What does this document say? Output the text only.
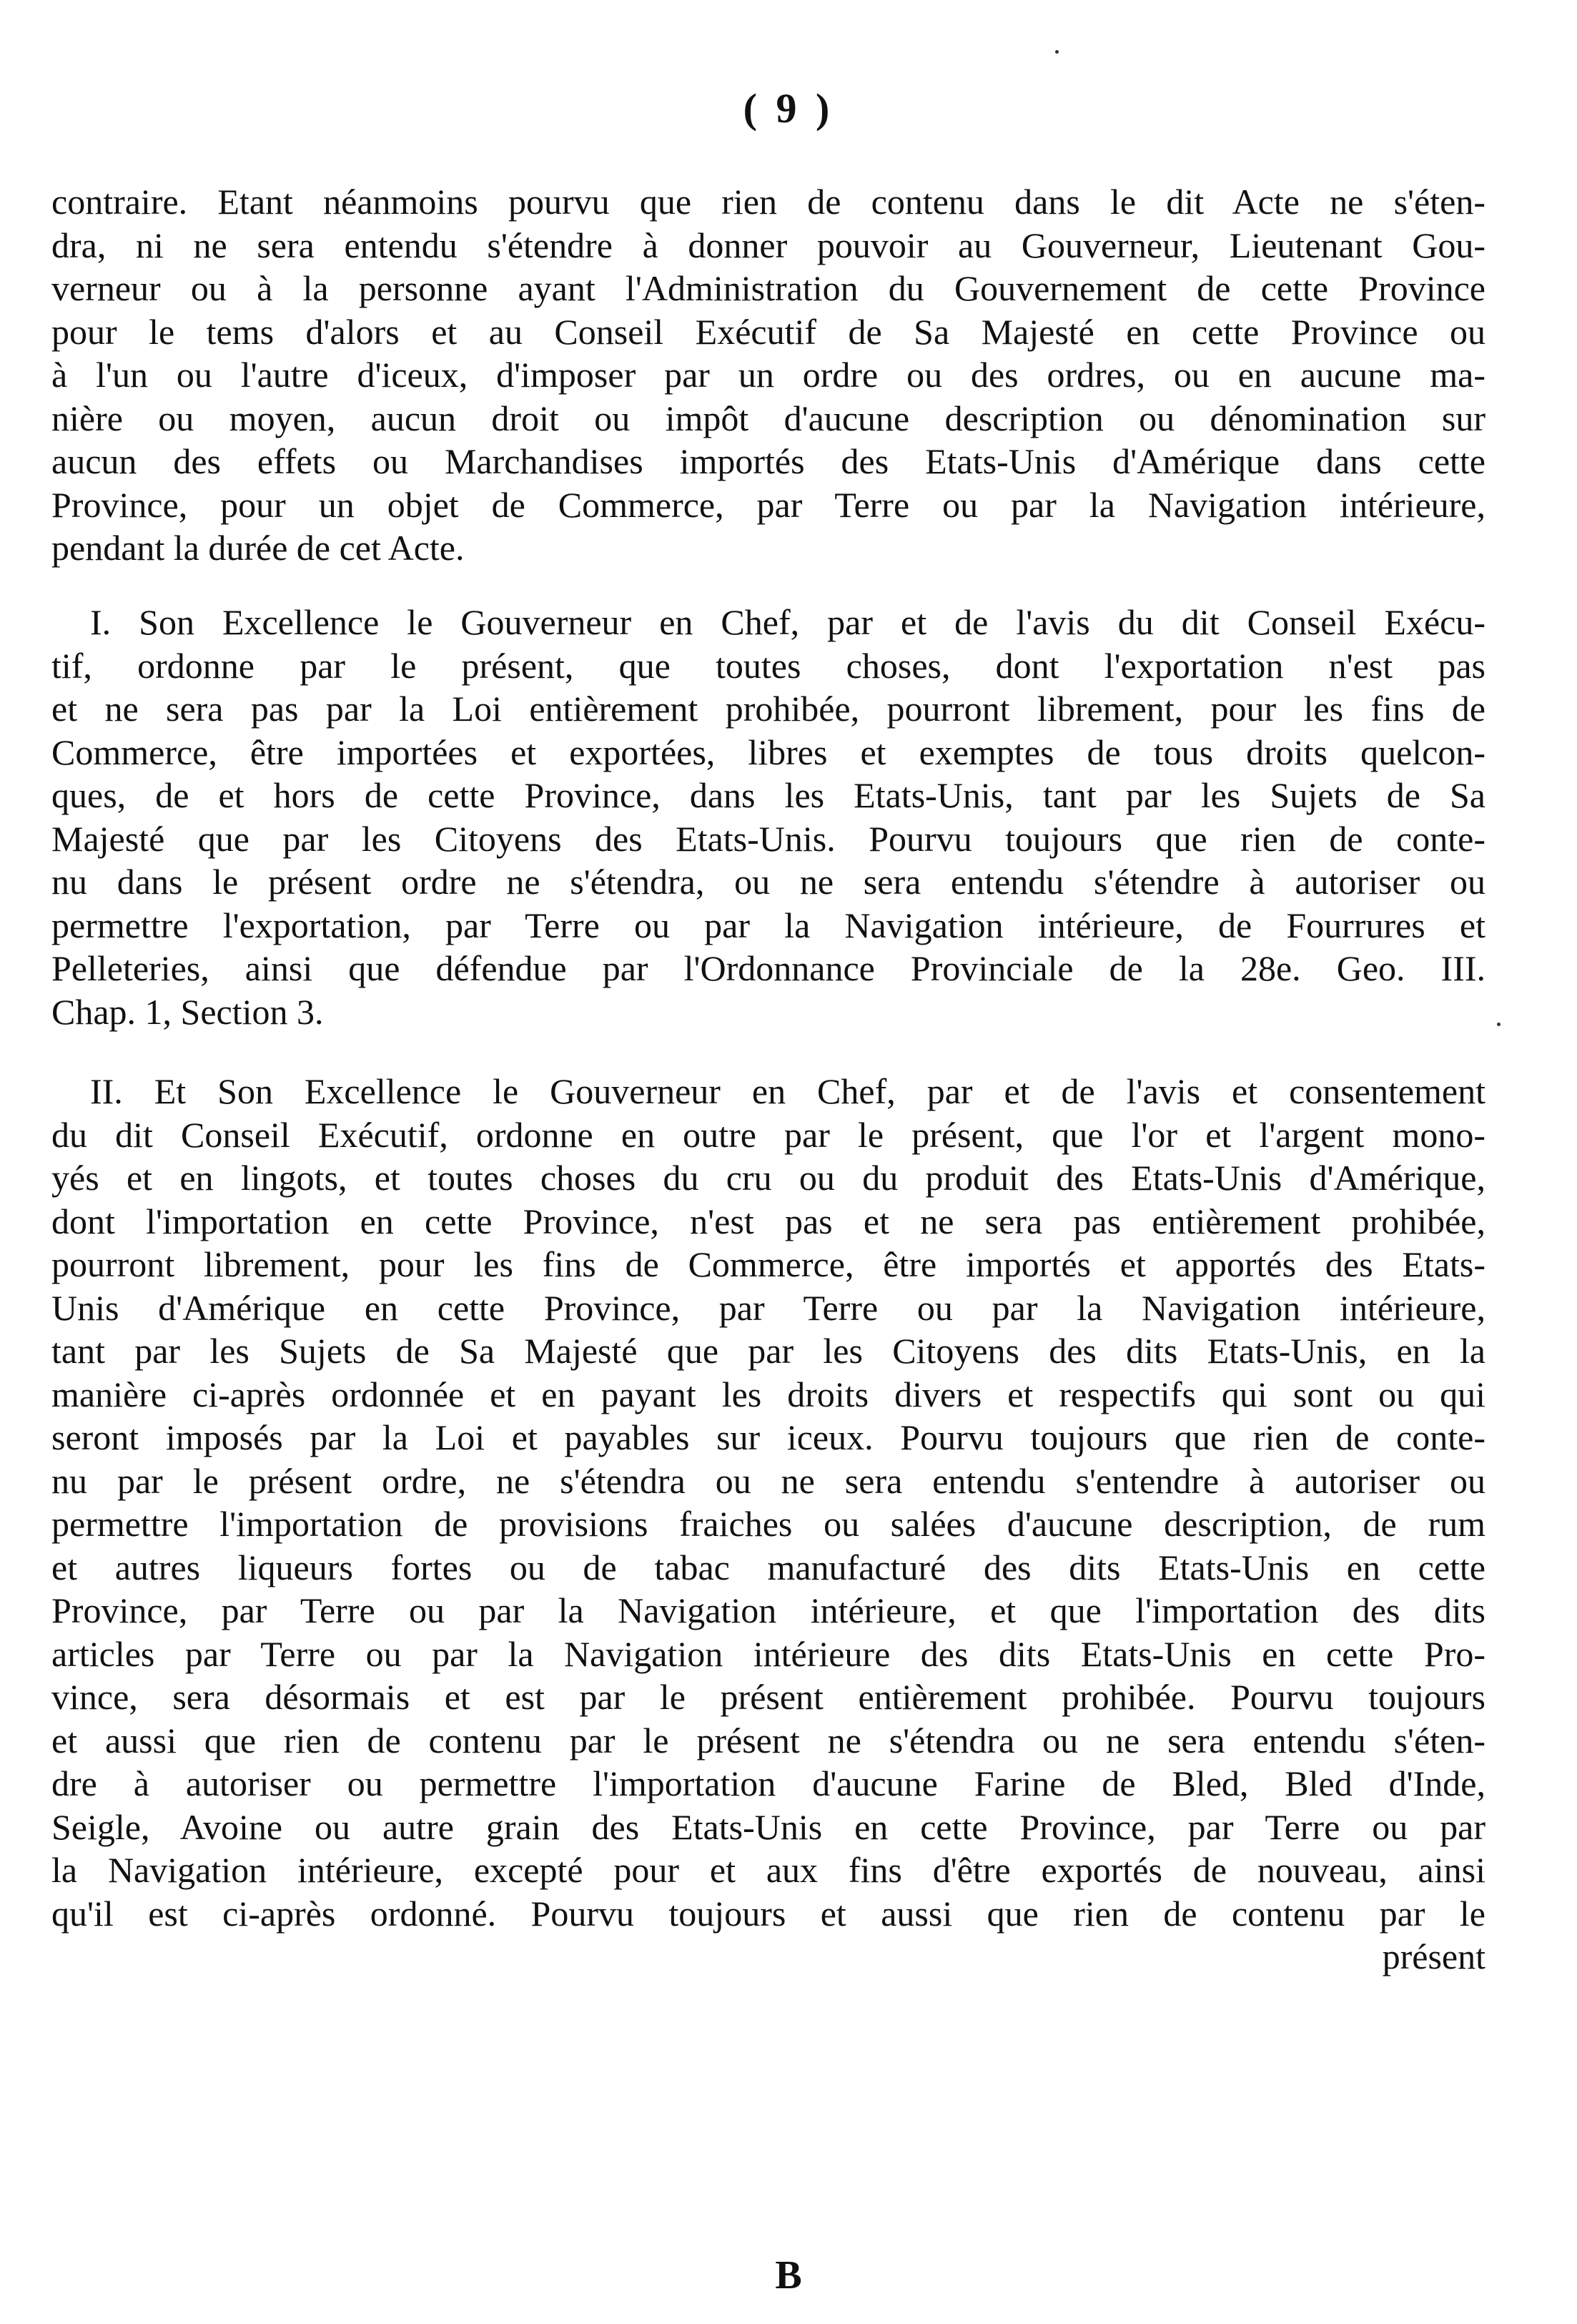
( 9 )
contraire. Etant néanmoins pourvu que rien de contenu dans le dit Acte ne s'éten-
dra, ni ne sera entendu s'étendre à donner pouvoir au Gouverneur, Lieutenant Gou-
verneur ou à la personne ayant l'Administration du Gouvernement de cette Province
pour le tems d'alors et au Conseil Exécutif de Sa Majesté en cette Province ou
à l'un ou l'autre d'iceux, d'imposer par un ordre ou des ordres, ou en aucune ma-
nière ou moyen, aucun droit ou impôt d'aucune description ou dénomination sur
aucun des effets ou Marchandises importés des Etats-Unis d'Amérique dans cette
Province, pour un objet de Commerce, par Terre ou par la Navigation intérieure,
pendant la durée de cet Acte.
I. Son Excellence le Gouverneur en Chef, par et de l'avis du dit Conseil Exécu-
tif, ordonne par le présent, que toutes choses, dont l'exportation n'est pas
et ne sera pas par la Loi entièrement prohibée, pourront librement, pour les fins de
Commerce, être importées et exportées, libres et exemptes de tous droits quelcon-
ques, de et hors de cette Province, dans les Etats-Unis, tant par les Sujets de Sa
Majesté que par les Citoyens des Etats-Unis. Pourvu toujours que rien de conte-
nu dans le présent ordre ne s'étendra, ou ne sera entendu s'étendre à autoriser ou
permettre l'exportation, par Terre ou par la Navigation intérieure, de Fourrures et
Pelleteries, ainsi que défendue par l'Ordonnance Provinciale de la 28e. Geo. III.
Chap. 1, Section 3.
II. Et Son Excellence le Gouverneur en Chef, par et de l'avis et consentement
du dit Conseil Exécutif, ordonne en outre par le présent, que l'or et l'argent mono-
yés et en lingots, et toutes choses du cru ou du produit des Etats-Unis d'Amérique,
dont l'importation en cette Province, n'est pas et ne sera pas entièrement prohibée,
pourront librement, pour les fins de Commerce, être importés et apportés des Etats-
Unis d'Amérique en cette Province, par Terre ou par la Navigation intérieure,
tant par les Sujets de Sa Majesté que par les Citoyens des dits Etats-Unis, en la
manière ci-après ordonnée et en payant les droits divers et respectifs qui sont ou qui
seront imposés par la Loi et payables sur iceux. Pourvu toujours que rien de conte-
nu par le présent ordre, ne s'étendra ou ne sera entendu s'entendre à autoriser ou
permettre l'importation de provisions fraiches ou salées d'aucune description, de rum
et autres liqueurs fortes ou de tabac manufacturé des dits Etats-Unis en cette
Province, par Terre ou par la Navigation intérieure, et que l'importation des dits
articles par Terre ou par la Navigation intérieure des dits Etats-Unis en cette Pro-
vince, sera désormais et est par le présent entièrement prohibée. Pourvu toujours
et aussi que rien de contenu par le présent ne s'étendra ou ne sera entendu s'éten-
dre à autoriser ou permettre l'importation d'aucune Farine de Bled, Bled d'Inde,
Seigle, Avoine ou autre grain des Etats-Unis en cette Province, par Terre ou par
la Navigation intérieure, excepté pour et aux fins d'être exportés de nouveau, ainsi
qu'il est ci-après ordonné. Pourvu toujours et aussi que rien de contenu par le
présent
B
